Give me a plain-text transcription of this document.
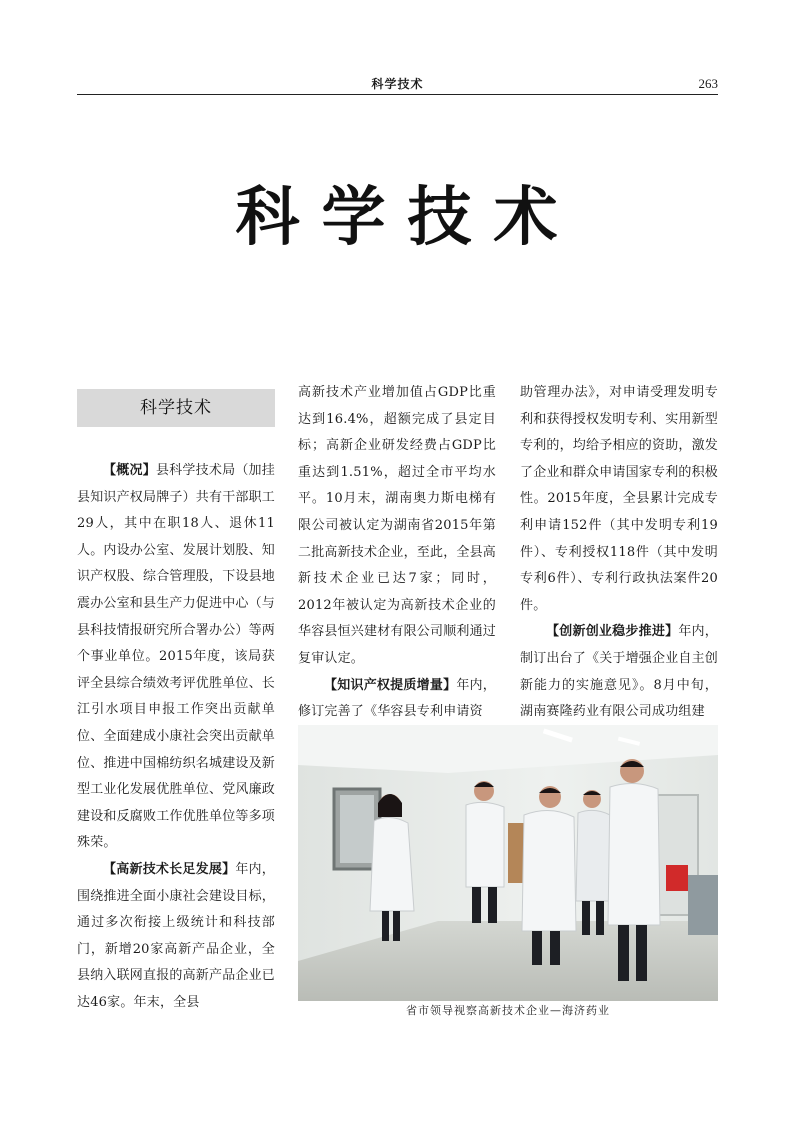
科学技术	263
科学技术
科学技术

【概况】县科学技术局（加挂县知识产权局牌子）共有干部职工29人，其中在职18人、退休11人。内设办公室、发展计划股、知识产权股、综合管理股，下设县地震办公室和县生产力促进中心（与县科技情报研究所合署办公）等两个事业单位。2015年度，该局获评全县综合绩效考评优胜单位、长江引水项目申报工作突出贡献单位、全面建成小康社会突出贡献单位、推进中国棉纺织名城建设及新型工业化发展优胜单位、党风廉政建设和反腐败工作优胜单位等多项殊荣。

【高新技术长足发展】年内，围绕推进全面小康社会建设目标，通过多次衔接上级统计和科技部门，新增20家高新产品企业，全县纳入联网直报的高新产品企业已达46家。年末，全县

高新技术产业增加值占GDP比重达到16.4%，超额完成了县定目标；高新企业研发经费占GDP比重达到1.51%，超过全市平均水平。10月末，湖南奥力斯电梯有限公司被认定为湖南省2015年第二批高新技术企业，至此，全县高新技术企业已达7家；同时，2012年被认定为高新技术企业的华容县恒兴建材有限公司顺利通过复审认定。

【知识产权提质增量】年内，修订完善了《华容县专利申请资

助管理办法》，对申请受理发明专利和获得授权发明专利、实用新型专利的，均给予相应的资助，激发了企业和群众申请国家专利的积极性。2015年度，全县累计完成专利申请152件（其中发明专利19件）、专利授权118件（其中发明专利6件）、专利行政执法案件20件。

【创新创业稳步推进】年内，制订出台了《关于增强企业自主创新能力的实施意见》。8月中旬，湖南赛隆药业有限公司成功组建

省市领导视察高新技术企业—海济药业
